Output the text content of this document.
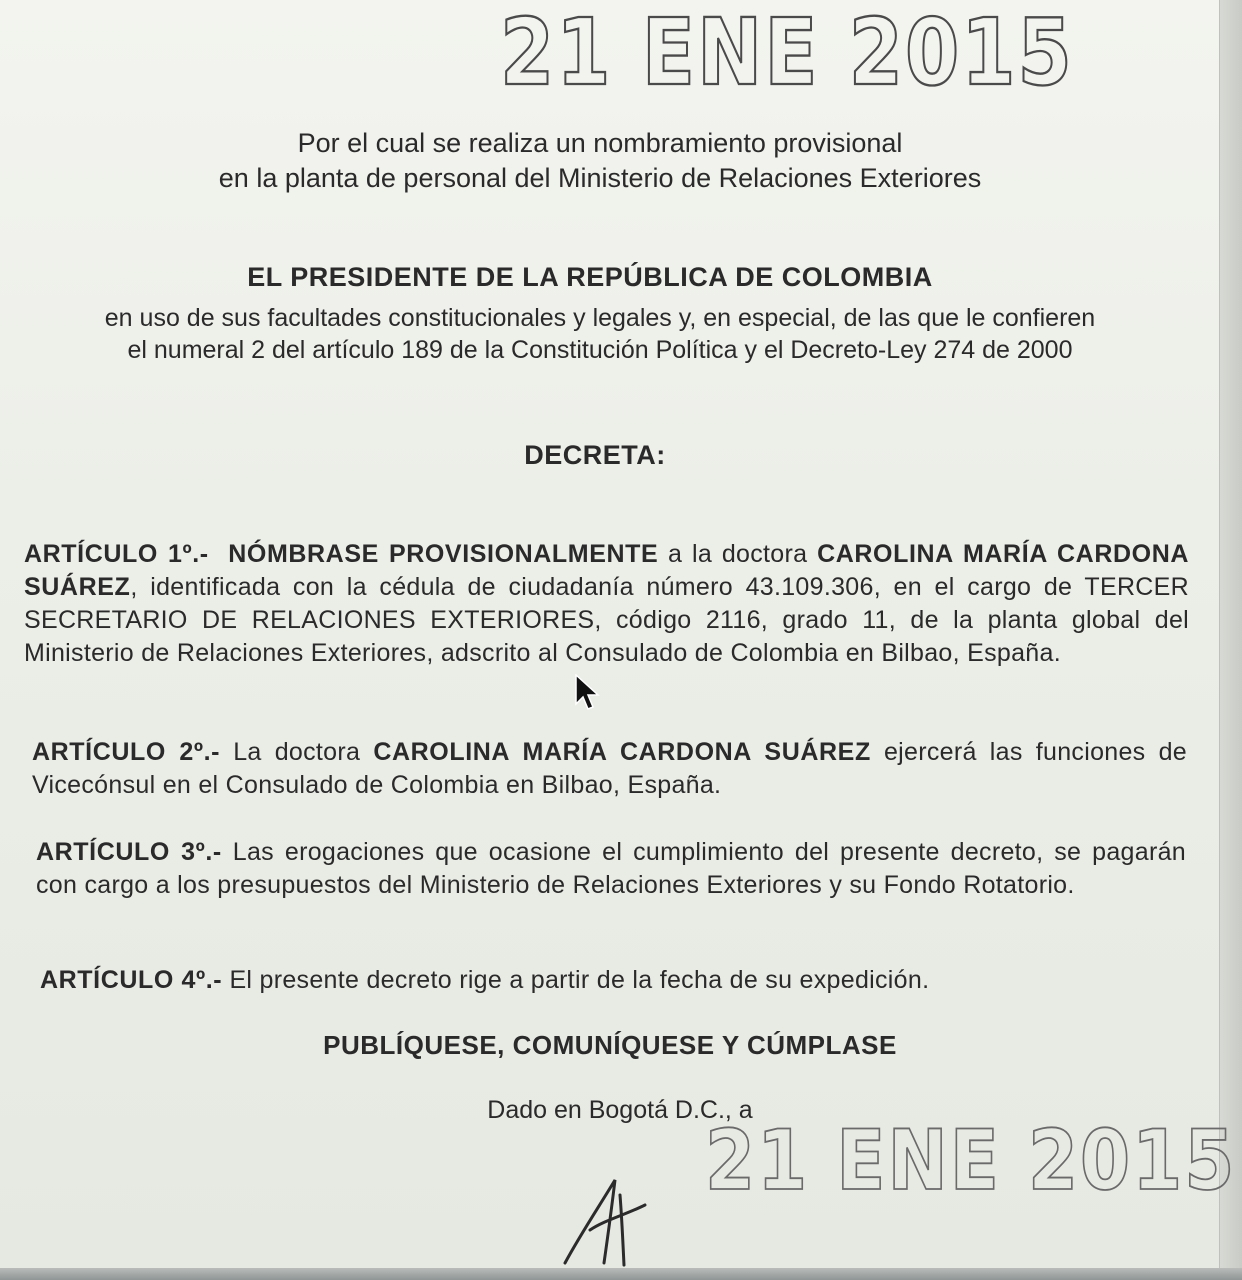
21 ENE 2015
Por el cual se realiza un nombramiento provisional
en la planta de personal del Ministerio de Relaciones Exteriores
EL PRESIDENTE DE LA REPÚBLICA DE COLOMBIA
en uso de sus facultades constitucionales y legales y, en especial, de las que le confieren
el numeral 2 del artículo 189 de la Constitución Política y el Decreto-Ley 274 de 2000
DECRETA:
ARTÍCULO 1º.- NÓMBRASE PROVISIONALMENTE a la doctora CAROLINA MARÍA CARDONA SUÁREZ, identificada con la cédula de ciudadanía número 43.109.306, en el cargo de TERCER SECRETARIO DE RELACIONES EXTERIORES, código 2116, grado 11, de la planta global del Ministerio de Relaciones Exteriores, adscrito al Consulado de Colombia en Bilbao, España.
ARTÍCULO 2º.- La doctora CAROLINA MARÍA CARDONA SUÁREZ ejercerá las funciones de Vicecónsul en el Consulado de Colombia en Bilbao, España.
ARTÍCULO 3º.- Las erogaciones que ocasione el cumplimiento del presente decreto, se pagarán con cargo a los presupuestos del Ministerio de Relaciones Exteriores y su Fondo Rotatorio.
ARTÍCULO 4º.- El presente decreto rige a partir de la fecha de su expedición.
PUBLÍQUESE, COMUNÍQUESE Y CÚMPLASE
Dado en Bogotá D.C., a
21 ENE 2015
